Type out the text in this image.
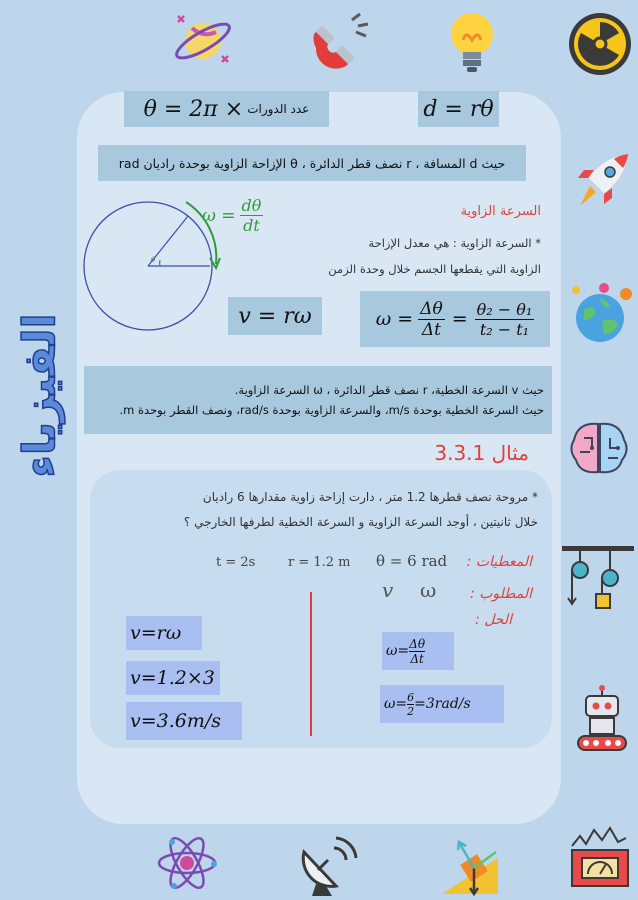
الفيزياء
عدد الدورات
θ = 2π ×	d = rθ
حيث d المسافة ، r نصف قطر الدائرة ، θ الإزاحة الزاوية بوحدة راديان rad
θ
$\omega = \frac{d\theta}{dt}$	السرعة الزاوية
* السرعة الزاوية : هي معدل الإزاحة
الزاوية التي يقطعها الجسم خلال وحدة الزمن
v = rω	$\omega = \frac{\Delta\theta}{\Delta t} = \frac{\text{θ₂ − θ₁}}{\text{t₂ − t₁}}$
حيث v السرعة الخطية، r نصف قطر الدائرة ، ω السرعة الزاوية.
حيث السرعة الخطية بوحدة m/s، والسرعة الزاوية بوحدة rad/s، ونصف القطر بوحدة m.
مثال 3.3.1
* مروحة نصف قطرها 1.2 متر ، دارت إزاحة زاوية مقدارها 6 راديان
خلال ثانيتين ، أوجد السرعة الزاوية و السرعة الخطية لطرفها الخارجي ؟
المعطيات :
θ = 6 rad
r = 1.2 m
t = 2s
المطلوب :
ω
v
الحل :
$\omega= \frac{\Delta\theta}{\Delta t}$
$\omega= \frac{6}{2} =3rad/s$
v=rω
v=1.2×3
v=3.6m/s
